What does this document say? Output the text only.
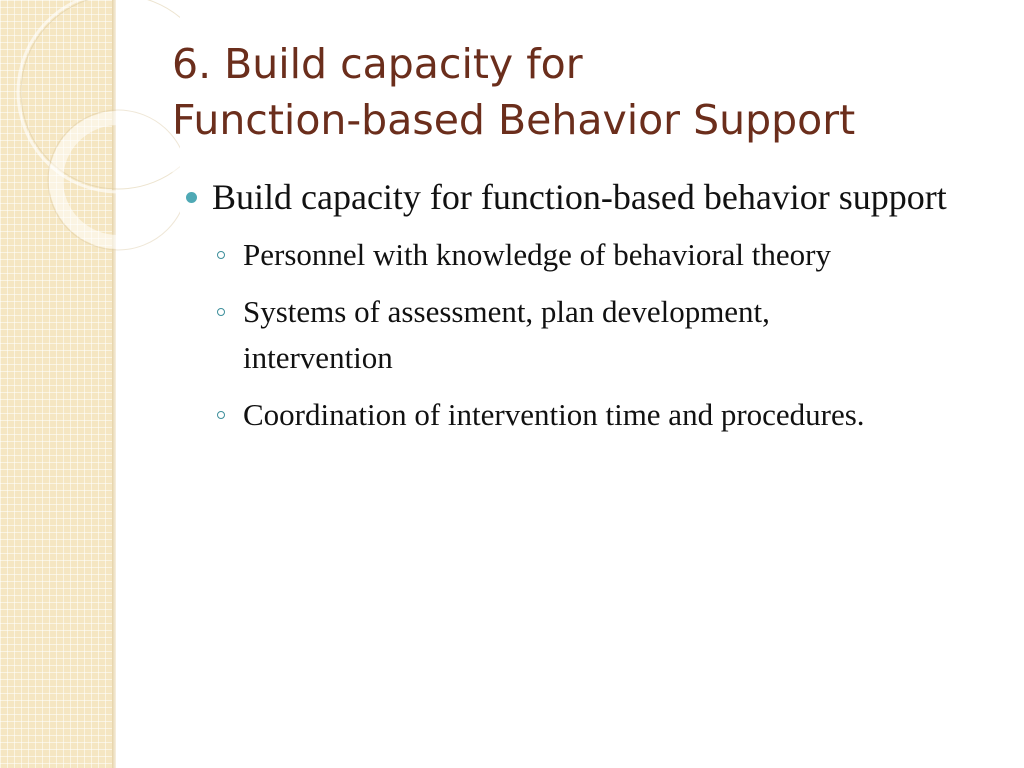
6. Build capacity for
Function-based Behavior Support
Build capacity for function-based behavior support
Personnel with knowledge of behavioral theory
Systems of assessment, plan development, intervention
Coordination of intervention time and procedures.
